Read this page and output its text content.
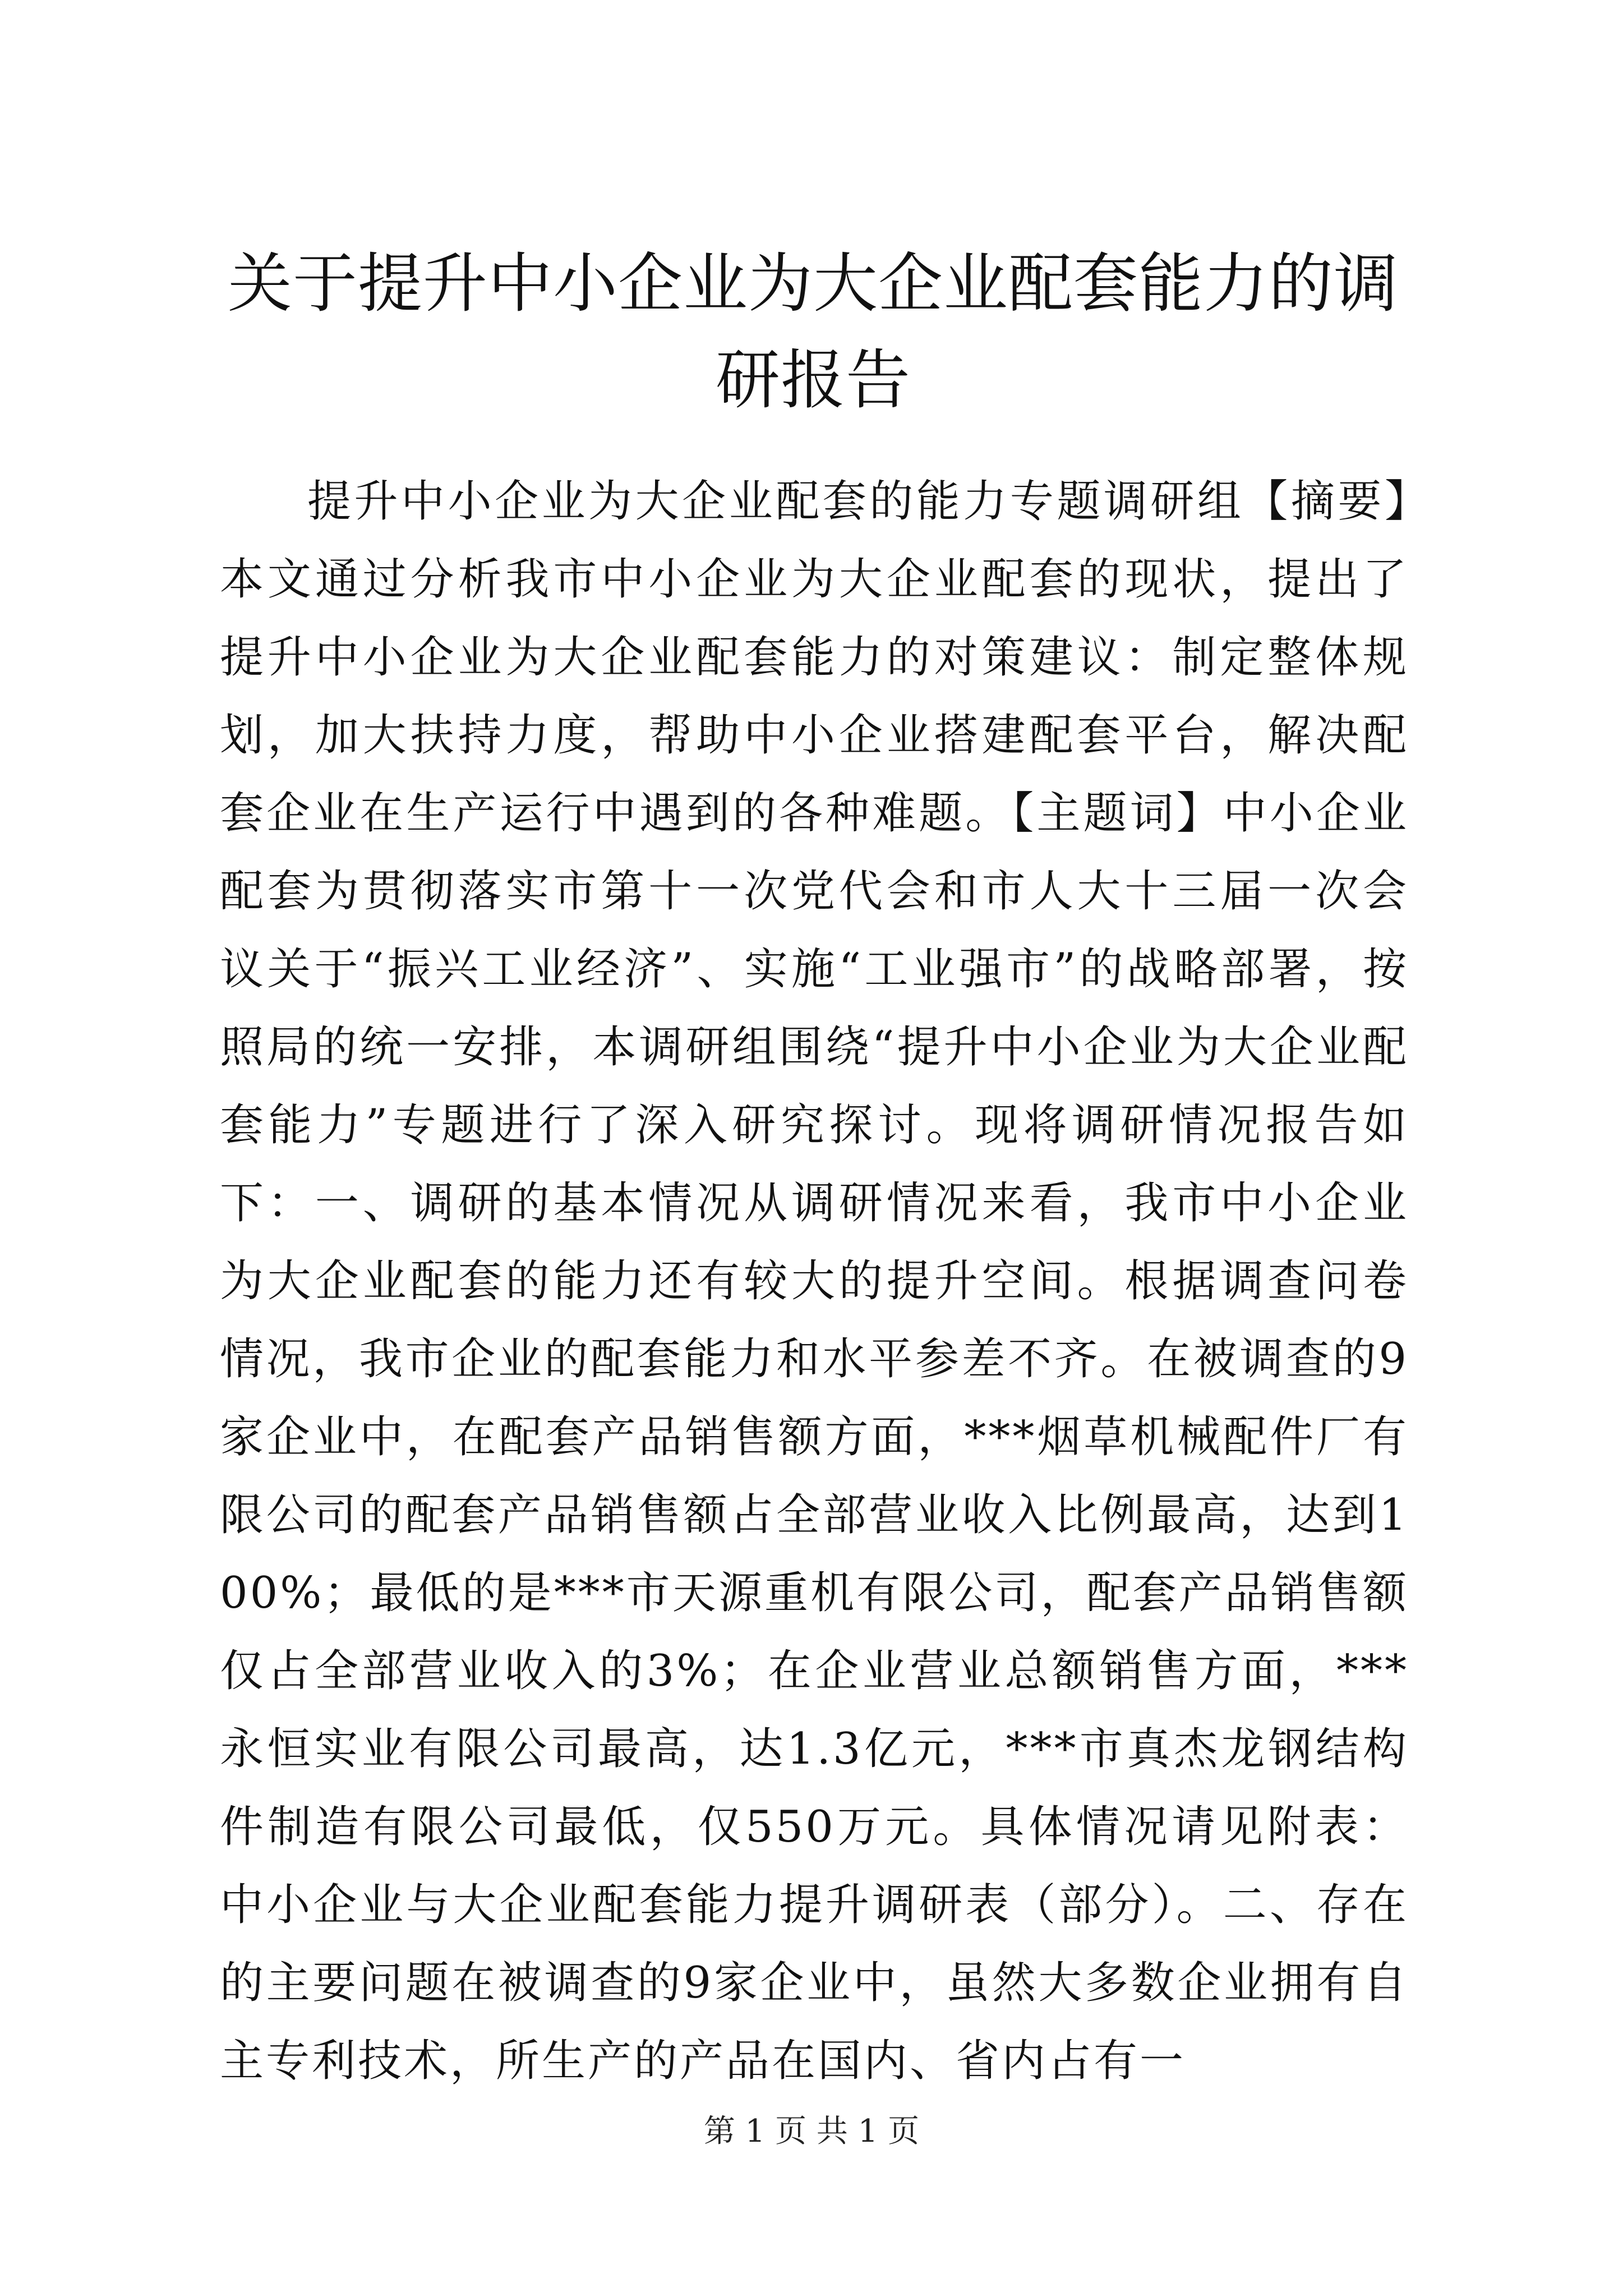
关于提升中小企业为大企业配套能力的调研报告

提升中小企业为大企业配套的能力专题调研组【摘要】本文通过分析我市中小企业为大企业配套的现状，提出了提升中小企业为大企业配套能力的对策建议：制定整体规划，加大扶持力度，帮助中小企业搭建配套平台，解决配套企业在生产运行中遇到的各种难题。【主题词】中小企业配套为贯彻落实市第十一次党代会和市人大十三届一次会议关于“振兴工业经济”、实施“工业强市”的战略部署，按照局的统一安排，本调研组围绕“提升中小企业为大企业配套能力”专题进行了深入研究探讨。现将调研情况报告如下：一、调研的基本情况从调研情况来看，我市中小企业为大企业配套的能力还有较大的提升空间。根据调查问卷情况，我市企业的配套能力和水平参差不齐。在被调查的9家企业中，在配套产品销售额方面，***烟草机械配件厂有限公司的配套产品销售额占全部营业收入比例最高，达到100%；最低的是***市天源重机有限公司，配套产品销售额仅占全部营业收入的3%；在企业营业总额销售方面，***永恒实业有限公司最高，达1.3亿元，***市真杰龙钢结构件制造有限公司最低，仅550万元。具体情况请见附表：中小企业与大企业配套能力提升调研表（部分）。二、存在的主要问题在被调查的9家企业中，虽然大多数企业拥有自主专利技术，所生产的产品在国内、省内占有一

第 1 页 共 1 页
